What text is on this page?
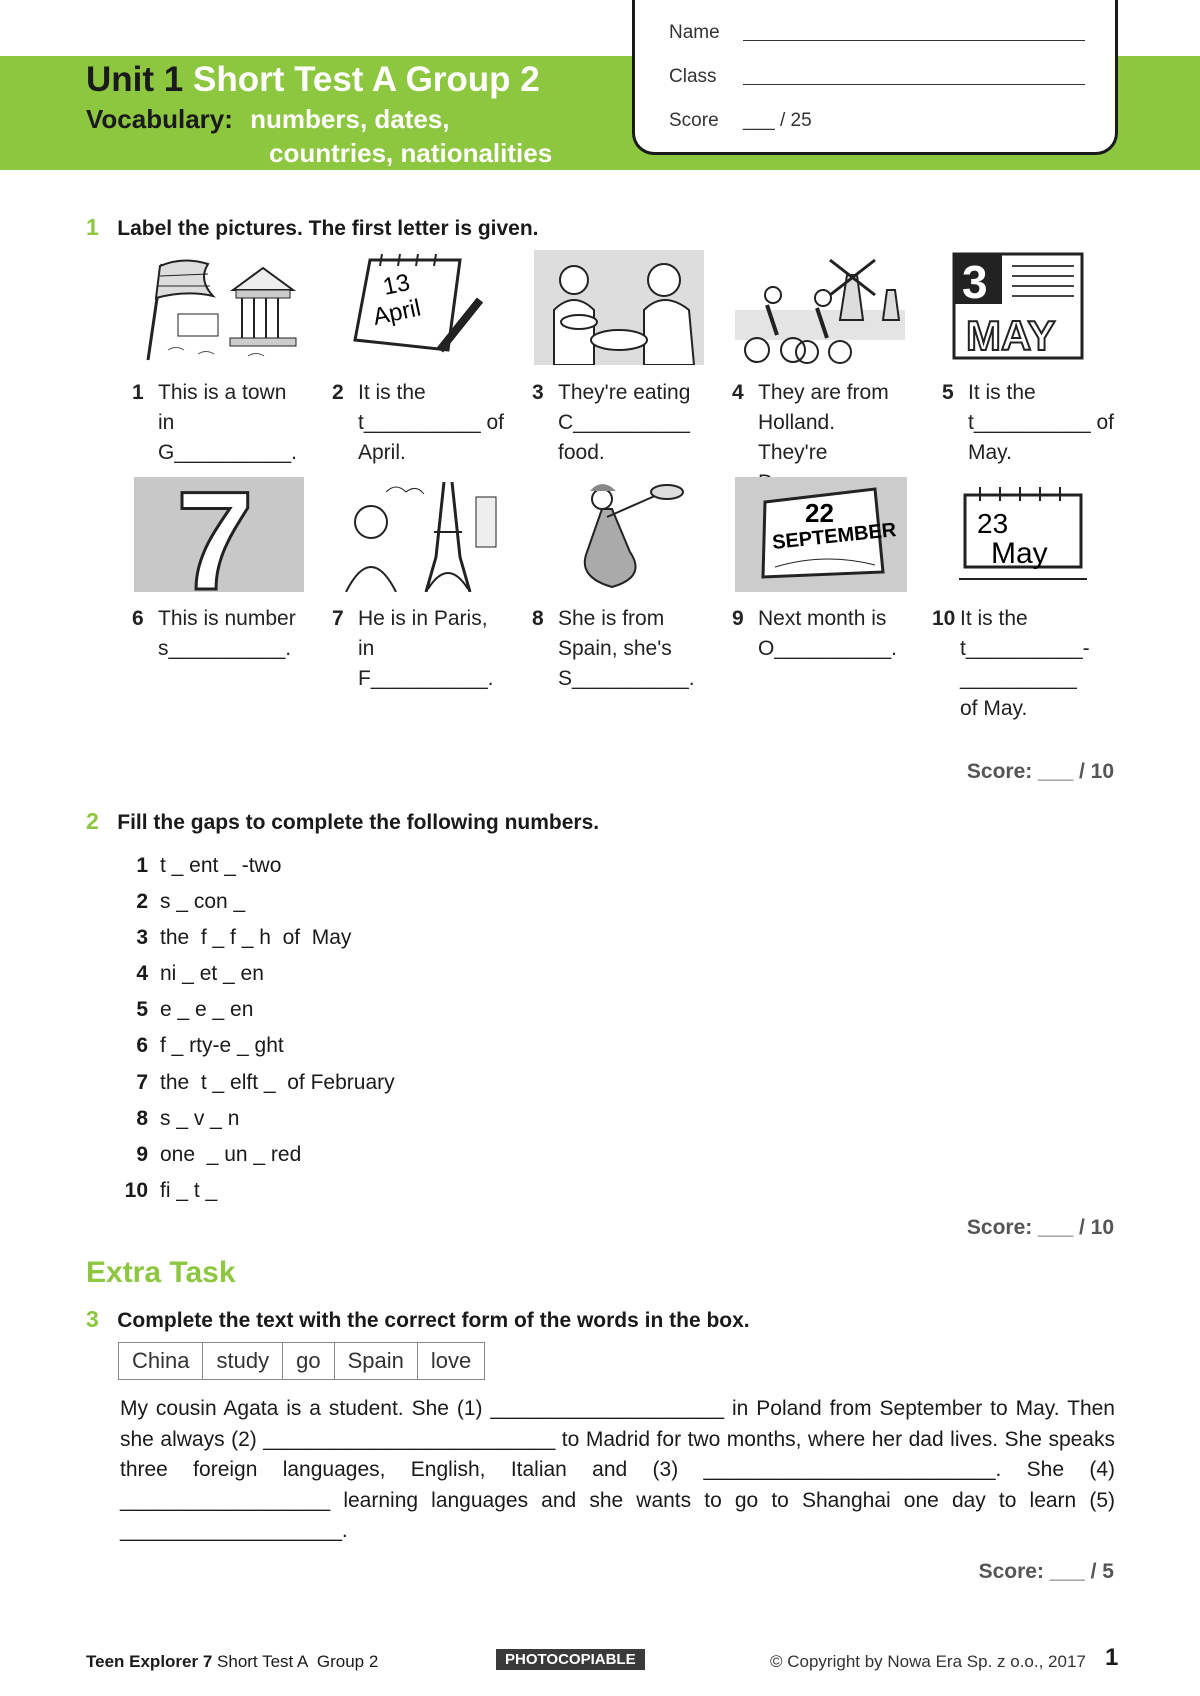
Unit 1 Short Test A Group 2
Vocabulary: numbers, dates,
countries, nationalities
Name
Class
Score ___ / 25
1 Label the pictures. The first letter is given.
13
April
3
MAY
1 This is a town in G__________.
2 It is the t__________ of April.
3 They're eating C__________ food.
4 They are from Holland. They're
5 It is the t__________ of May.
7	22
SEPTEMBER	23
May
6 This is number s__________.
7 He is in Paris, in F__________.
8 She is from Spain, she's S__________.
9 Next month is O__________.
10 It is the t__________-__________ of May.
Score: ___ / 10
2 Fill the gaps to complete the following numbers.
1 t _ ent _ -two
2 s _ con _
3 the  f _ f _ h  of  May
4 ni _ et _ en
5 e _ e _ en
6 f _ rty-e _ ght
7 the  t _ elft _  of February
8 s _ v _ n
9 one  _ un _ red
10 fi _ t _
Score: ___ / 10
Extra Task
3 Complete the text with the correct form of the words in the box.
China	study	go	Spain	love
My cousin Agata is a student. She (1) ____________________ in Poland from September to May. Then she always (2) _________________________ to Madrid for two months, where her dad lives. She speaks three foreign languages, English, Italian and (3) _________________________. She (4) __________________ learning languages and she wants to go to Shanghai one day to learn (5) ___________________.
Score: ___ / 5
Teen Explorer 7 Short Test A  Group 2	PHOTOCOPIABLE	© Copyright by Nowa Era Sp. z o.o., 2017 1
